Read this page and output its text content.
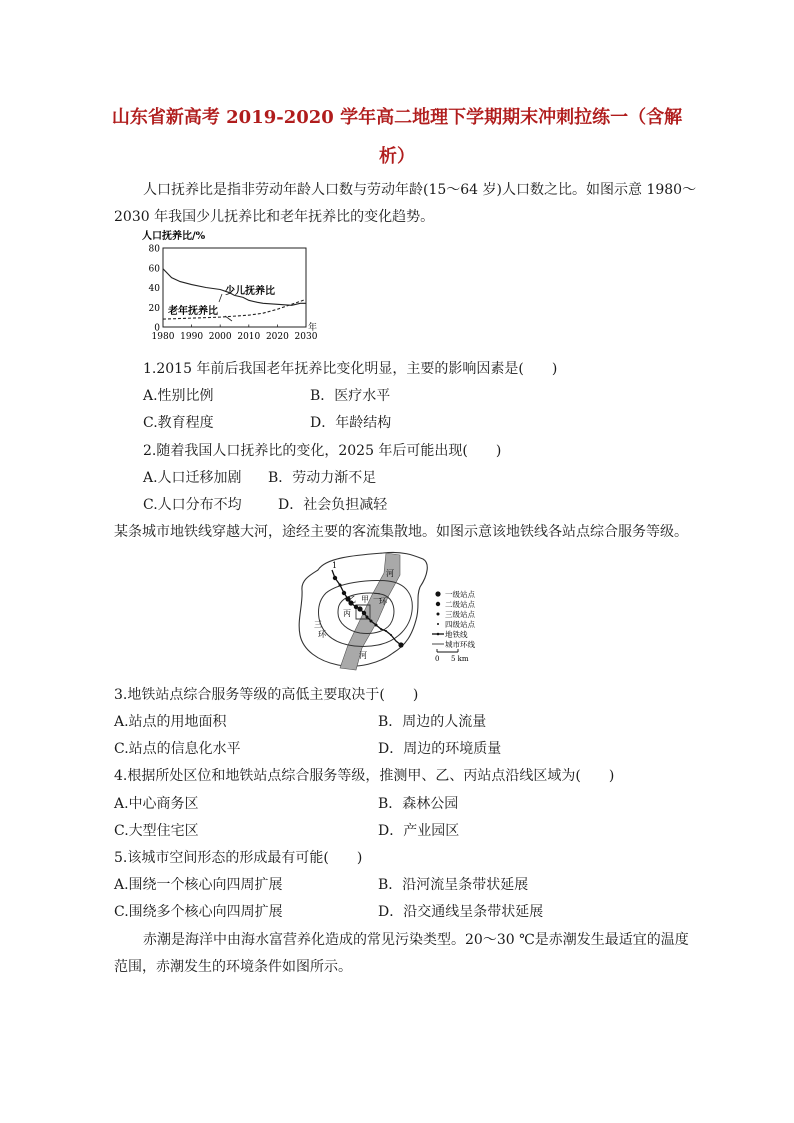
山东省新高考 2019-2020 学年高二地理下学期期末冲刺拉练一（含解
析）
人口抚养比是指非劳动年龄人口数与劳动年龄(15～64 岁)人口数之比。如图示意 1980～
2030 年我国少儿抚养比和老年抚养比的变化趋势。
人口抚养比/%
0
20
40
60
80
1980 1990 2000 2010 2020 2030
年
少儿抚养比
老年抚养比
1.2015 年前后我国老年抚养比变化明显，主要的影响因素是(　　)
A.性别比例	B．医疗水平
C.教育程度	D．年龄结构
2.随着我国人口抚养比的变化，2025 年后可能出现(　　)
A.人口迁移加剧 B．劳动力渐不足
C.人口分布不均	D．社会负担减轻
某条城市地铁线穿越大河，途经主要的客流集散地。如图示意该地铁线各站点综合服务等级。
1
河
河
甲
乙
丙
二
环
三
环
一级站点
二级站点
三级站点
四级站点
地铁线
城市环线
0 5 km
3.地铁站点综合服务等级的高低主要取决于(　　)
A.站点的用地面积	B．周边的人流量
C.站点的信息化水平	D．周边的环境质量
4.根据所处区位和地铁站点综合服务等级，推测甲、乙、丙站点沿线区域为(　　)
A.中心商务区	B．森林公园
C.大型住宅区	D．产业园区
5.该城市空间形态的形成最有可能(　　)
A.围绕一个核心向四周扩展	B．沿河流呈条带状延展
C.围绕多个核心向四周扩展	D．沿交通线呈条带状延展
赤潮是海洋中由海水富营养化造成的常见污染类型。20～30 ℃是赤潮发生最适宜的温度
范围，赤潮发生的环境条件如图所示。
